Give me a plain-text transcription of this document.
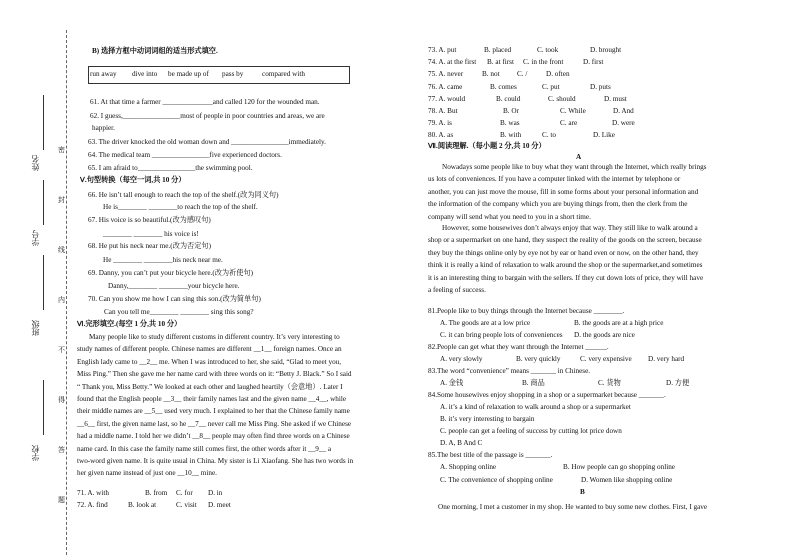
学校
班级
学号
姓名
密
封
线
内
不
得
答
题
B) 选择方框中动词词组的适当形式填空.
run away dive into be made up of pass by	compared with
61. At that time a farmer ______________and called 120 for the wounded man.
62. I guess,________________most of people in poor countries and areas, we are
happier.
63. The driver knocked the old woman down and ________________immediately.
64. The medical team ________________five experienced doctors.
65. I am afraid to________________the swimming pool.
Ⅴ.句型转换（每空一词,共 10 分）
66. He isn’t tall enough to reach the top of the shelf.(改为同义句)
He is________ ________to reach the top of the shelf.
67. His voice is so beautiful.(改为感叹句)
________ ________ his voice is!
68. He put his neck near me.(改为否定句)
He ________ ________his neck near me.
69. Danny, you can’t put your bicycle here.(改为祈使句)
Danny,________ ________your bicycle here.
70. Can you show me how I can sing this son.(改为简单句)
Can you tell me________ ________ sing this song?
Ⅵ.完形填空.(每空 1 分,共 10 分）
Many people like to study different customs in different country. It’s very interesting to
study names of different people. Chinese names are different __1__ foreign names. Once an
English lady came to __2__ me. When I was introduced to her, she said, “Glad to meet you,
Miss Ping.” Then she gave me her name card with three words on it: “Betty J. Black.” So I said
“ Thank you, Miss Betty.” We looked at each other and laughed heartily（会意地）. Later I
found that the English people __3__ their family names last and the given name __4__, while
their middle names are __5__ used very much. I explained to her that the Chinese family name
__6__ first, the given name last, so he __7__ never call me Miss Ping. She asked if we Chinese
had a middle name. I told her we didn’t __8__ people may often find three words on a Chinese
name card. In this case the family name still comes first, the other words after it __9__ a
two-word given name. It is quite usual in China. My sister is Li Xiaofang. She has two words in
her given name instead of just one __10__ mine.
71. A. with	B. from C. for D. in
72. A. find	B. look at	C. visit D. meet
73. A. put	B. placed	C. took	D. brought
74. A. at the first B. at first C. in the front	D. first
75. A. never	B. not C. /	D. often
76. A. came	B. comes	C. put	D. puts
77. A. would	B. could	C. should	D. must
78. A. But	B. Or	C. While	D. And
79. A. is	B. was	C. are	D. were
80. A. as	B. with	C. to	D. Like
Ⅶ.阅读理解.（每小题 2 分,共 10 分）
A
Nowadays some people like to buy what they want through the Internet, which really brings
us lots of conveniences. If you have a computer linked with the internet by telephone or
another, you can just move the mouse, fill in some forms about your personal information and
the information of the company which you are buying things from, then the clerk from the
company will send what you need to you in a short time.
However, some housewives don’t always enjoy that way. They still like to walk around a
shop or a supermarket on one hand, they suspect the reality of the goods on the screen, because
they buy the things online only by eye not by ear or hand even or now, on the other hand, they
think it is really a kind of relaxation to walk around the shop or the supermarket,and sometimes
it is an interesting thing to bargain with the sellers. If they cut down lots of price, they will have
a feeling of success.
81.People like to buy things through the Internet because ________.
A. The goods are at a low price	B. the goods are at a high price
C. it can bring people lots of conveniences D. the goods are nice
82.People can get what they want through the Internet ______.
A. very slowly	B. very quickly	C. very expensive D. very hard
83.The word “convenience” means _______ in Chinese.
A. 金钱	B. 商品	C. 货物	D. 方便
84.Some housewives enjoy shopping in a shop or a supermarket because _______.
A. it’s a kind of relaxation to walk around a shop or a supermarket
B. it’s very interesting to bargain
C. people can get a feeling of success by cutting lot price down
D. A, B And C
85.The best title of the passage is _______.
A. Shopping online	B. How people can go shopping online
C. The convenience of shopping online	D. Women like shopping online
B
One morning, I met a customer in my shop. He wanted to buy some new clothes. First, I gave
